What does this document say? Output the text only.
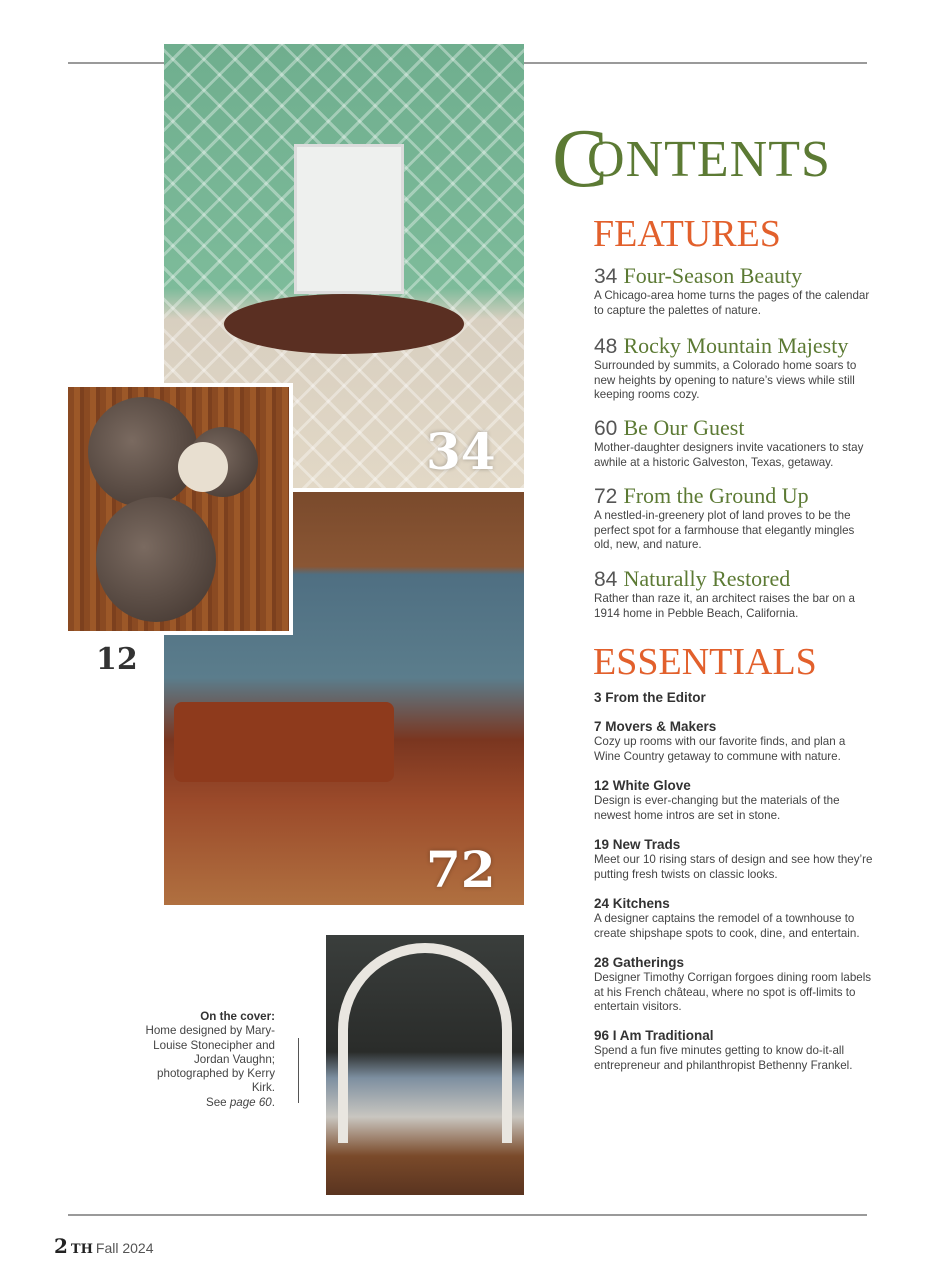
34
72
12
CONTENTS
FEATURES
34 Four-Season Beauty
A Chicago-area home turns the pages of the calendar to capture the palettes of nature.
48 Rocky Mountain Majesty
Surrounded by summits, a Colorado home soars to new heights by opening to nature’s views while still keeping rooms cozy.
60 Be Our Guest
Mother-daughter designers invite vacationers to stay awhile at a historic Galveston, Texas, getaway.
72 From the Ground Up
A nestled-in-greenery plot of land proves to be the perfect spot for a farmhouse that elegantly mingles old, new, and nature.
84 Naturally Restored
Rather than raze it, an architect raises the bar on a 1914 home in Pebble Beach, California.
ESSENTIALS
3 From the Editor
7 Movers & Makers
Cozy up rooms with our favorite finds, and plan a Wine Country getaway to commune with nature.
12 White Glove
Design is ever-changing but the materials of the newest home intros are set in stone.
19 New Trads
Meet our 10 rising stars of design and see how they’re putting fresh twists on classic looks.
24 Kitchens
A designer captains the remodel of a townhouse to create shipshape spots to cook, dine, and entertain.
28 Gatherings
Designer Timothy Corrigan forgoes dining room labels at his French château, where no spot is off-limits to entertain visitors.
96 I Am Traditional
Spend a fun five minutes getting to know do-it-all entrepreneur and philanthropist Bethenny Frankel.
On the cover:
Home designed by Mary-Louise Stonecipher and Jordan Vaughn; photographed by Kerry Kirk.
See page 60.
2 TH Fall 2024
